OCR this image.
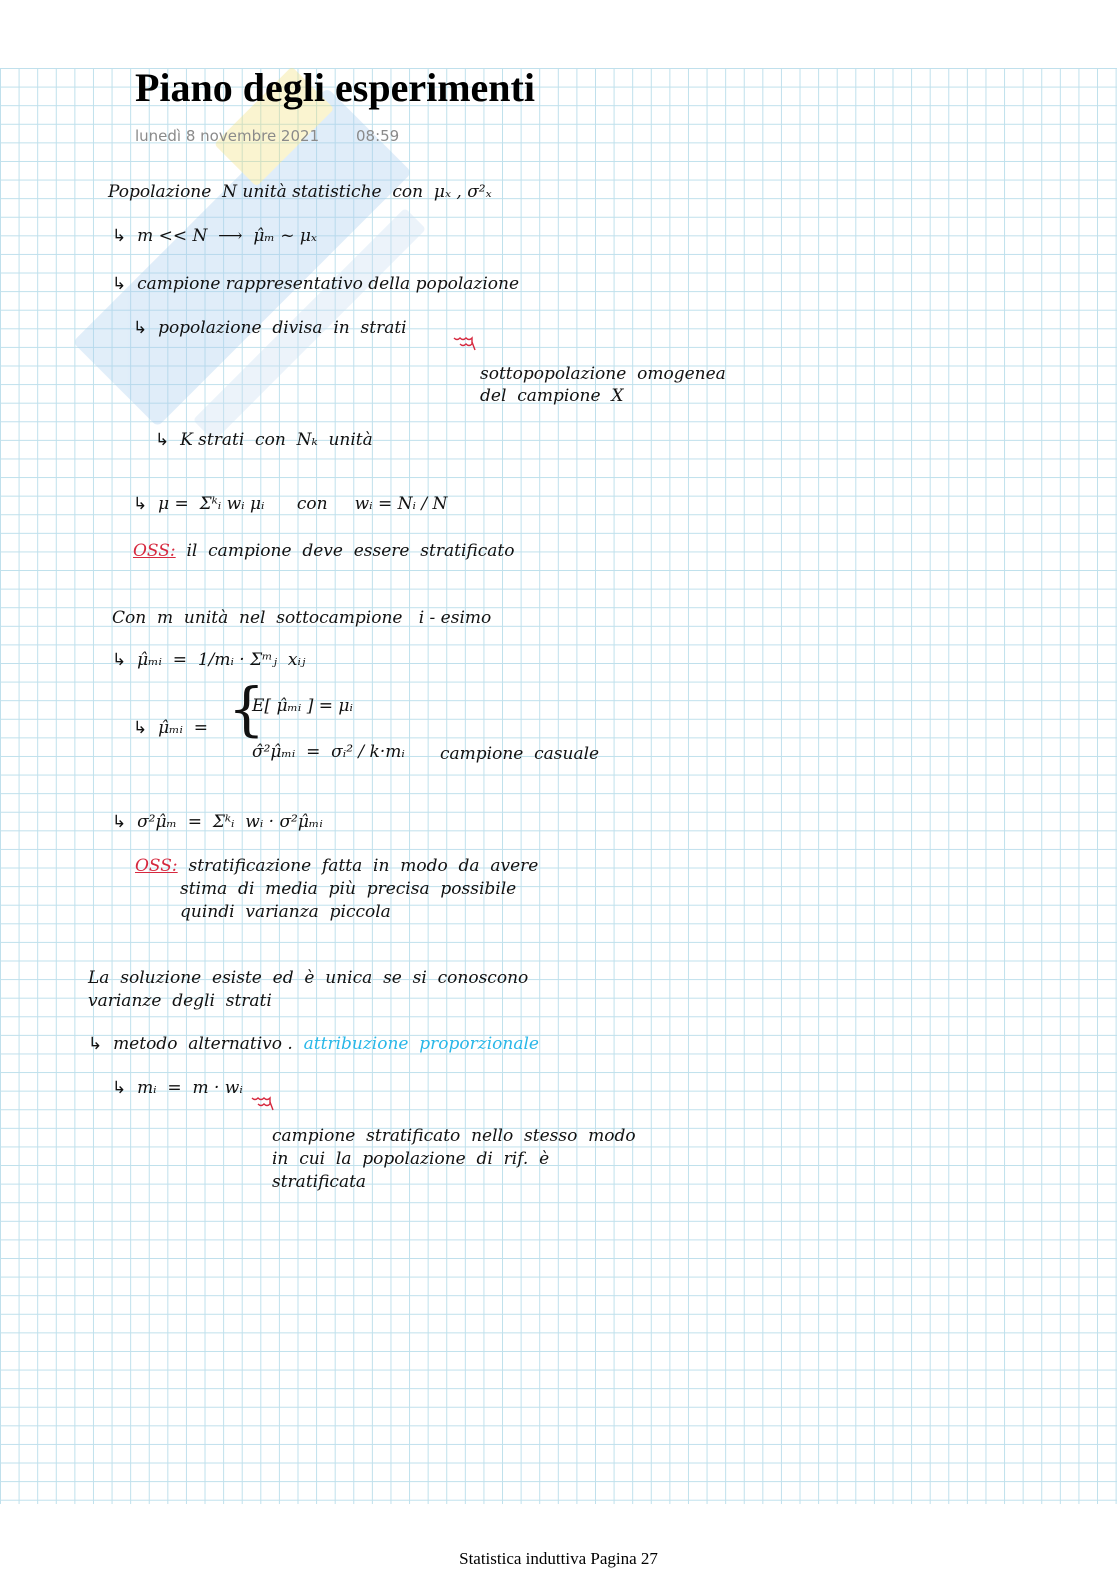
Piano degli esperimenti
lunedì 8 novembre 2021 08:59
Popolazione  N unità statistiche  con  μₓ , σ²ₓ
↳ m << N  ⟶  μ̂ₘ ~ μₓ
↳ campione rappresentativo della popolazione
↳ popolazione  divisa  in  strati
sottopopolazione  omogenea
del  campione  X
↳ K strati  con  Nₖ  unità
↳ μ =  Σᵏᵢ wᵢ μᵢ      con     wᵢ = Nᵢ / N
OSS: il  campione  deve  essere  stratificato
Con  m  unità  nel  sottocampione   i - esimo
↳ μ̂ₘᵢ  =  1/mᵢ · Σᵐⱼ  xᵢⱼ
↳ μ̂ₘᵢ  = {
E[ μ̂ₘᵢ ] = μᵢ
σ̂²μ̂ₘᵢ  =  σᵢ² / k·mᵢ campione  casuale
↳ σ²μ̂ₘ  =  Σᵏᵢ  wᵢ · σ²μ̂ₘᵢ
OSS: stratificazione  fatta  in  modo  da  avere
stima  di  media  più  precisa  possibile
quindi  varianza  piccola
La  soluzione  esiste  ed  è  unica  se  si  conoscono
varianze  degli  strati
↳ metodo  alternativo . attribuzione  proporzionale
↳ mᵢ  =  m · wᵢ
campione  stratificato  nello  stesso  modo
in  cui  la  popolazione  di  rif.  è
stratificata
Statistica induttiva Pagina 27
